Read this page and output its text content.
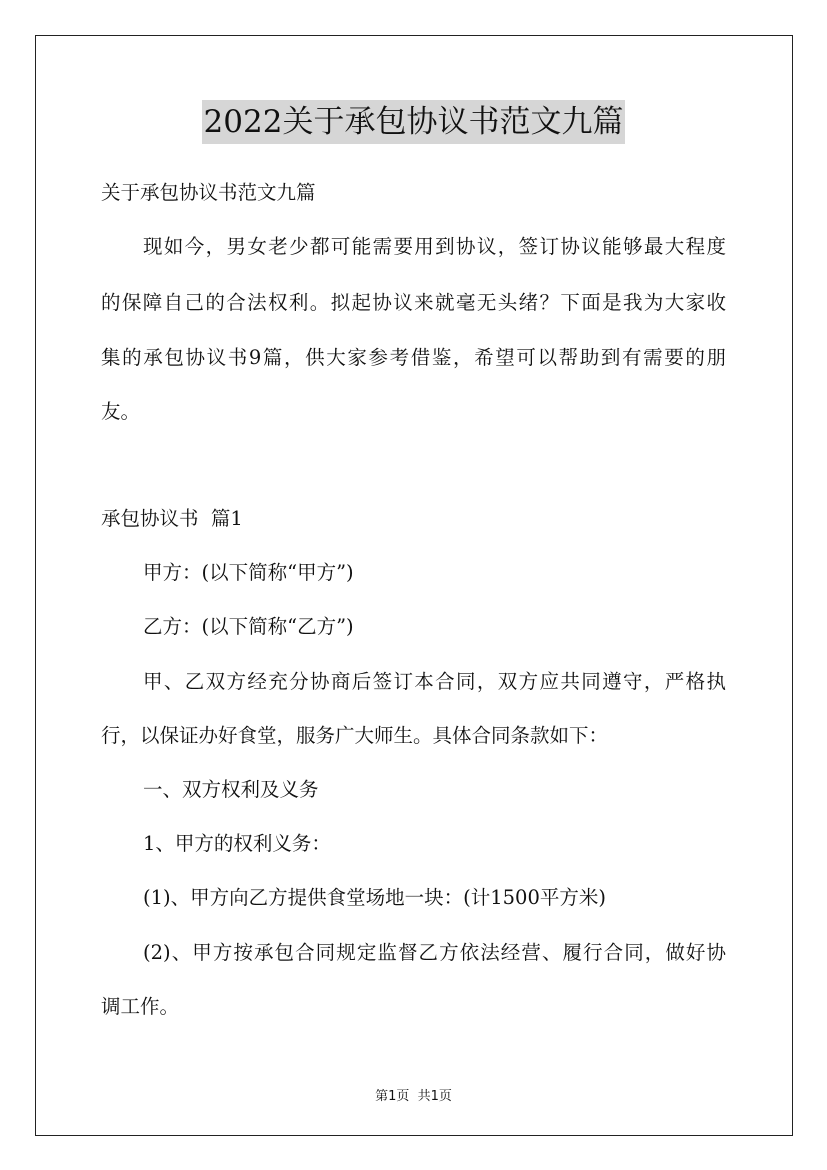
2022关于承包协议书范文九篇
关于承包协议书范文九篇
现如今，男女老少都可能需要用到协议，签订协议能够最大程度
的保障自己的合法权利。拟起协议来就毫无头绪？下面是我为大家收
集的承包协议书9篇，供大家参考借鉴，希望可以帮助到有需要的朋
友。
承包协议书  篇1
甲方：(以下简称“甲方”)
乙方：(以下简称“乙方”)
甲、乙双方经充分协商后签订本合同，双方应共同遵守，严格执
行，以保证办好食堂，服务广大师生。具体合同条款如下：
一、双方权利及义务
1、甲方的权利义务：
(1)、甲方向乙方提供食堂场地一块：(计1500平方米)
(2)、甲方按承包合同规定监督乙方依法经营、履行合同，做好协
调工作。
第1页  共1页
